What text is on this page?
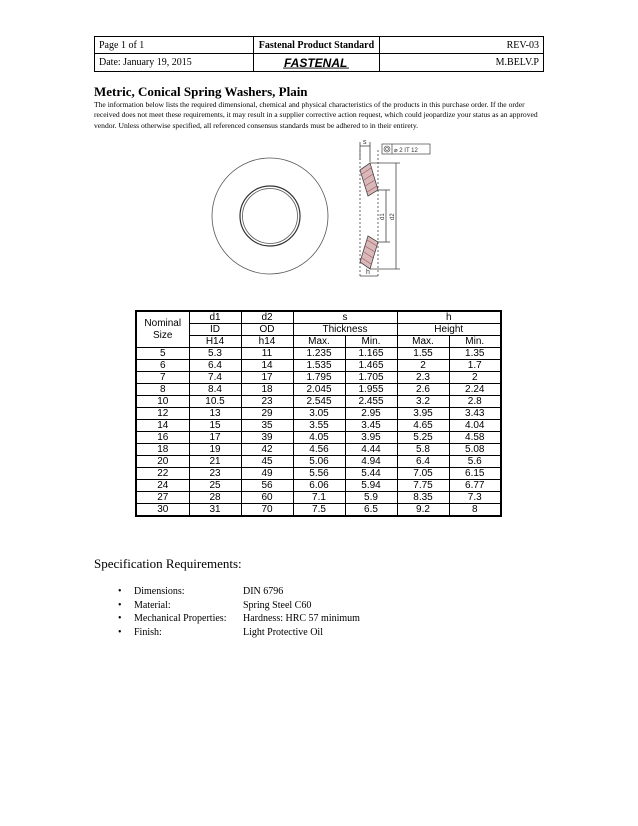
Page 1 of 1	Fastenal Product Standard	REV-03
Date: January 19, 2015	FASTENAL	M.BELV.P
Metric, Conical Spring Washers, Plain

The information below lists the required dimensional, chemical and physical characteristics of the products in this purchase order. If the order received does not meet these requirements, it may result in a supplier corrective action request, which could jeopardize your status as an approved vendor. Unless otherwise specified, all referenced consensus standards must be adhered to in their entirety.

s
h
d1 d2
⌀ 2 IT 12
Nominal Size	d1	d2	s		h	
	ID	OD	Thickness		Height	
	H14	h14	Max.	Min.	Max.	Min.
5	5.3	11	1.235	1.165	1.55	1.35
6	6.4	14	1.535	1.465	2	1.7
7	7.4	17	1.795	1.705	2.3	2
8	8.4	18	2.045	1.955	2.6	2.24
10	10.5	23	2.545	2.455	3.2	2.8
12	13	29	3.05	2.95	3.95	3.43
14	15	35	3.55	3.45	4.65	4.04
16	17	39	4.05	3.95	5.25	4.58
18	19	42	4.56	4.44	5.8	5.08
20	21	45	5.06	4.94	6.4	5.6
22	23	49	5.56	5.44	7.05	6.15
24	25	56	6.06	5.94	7.75	6.77
27	28	60	7.1	5.9	8.35	7.3
30	31	70	7.5	6.5	9.2	8
Specification Requirements:
• Dimensions:	DIN 6796
• Material:	Spring Steel C60
• Mechanical Properties: Hardness: HRC 57 minimum
• Finish:	Light Protective Oil
